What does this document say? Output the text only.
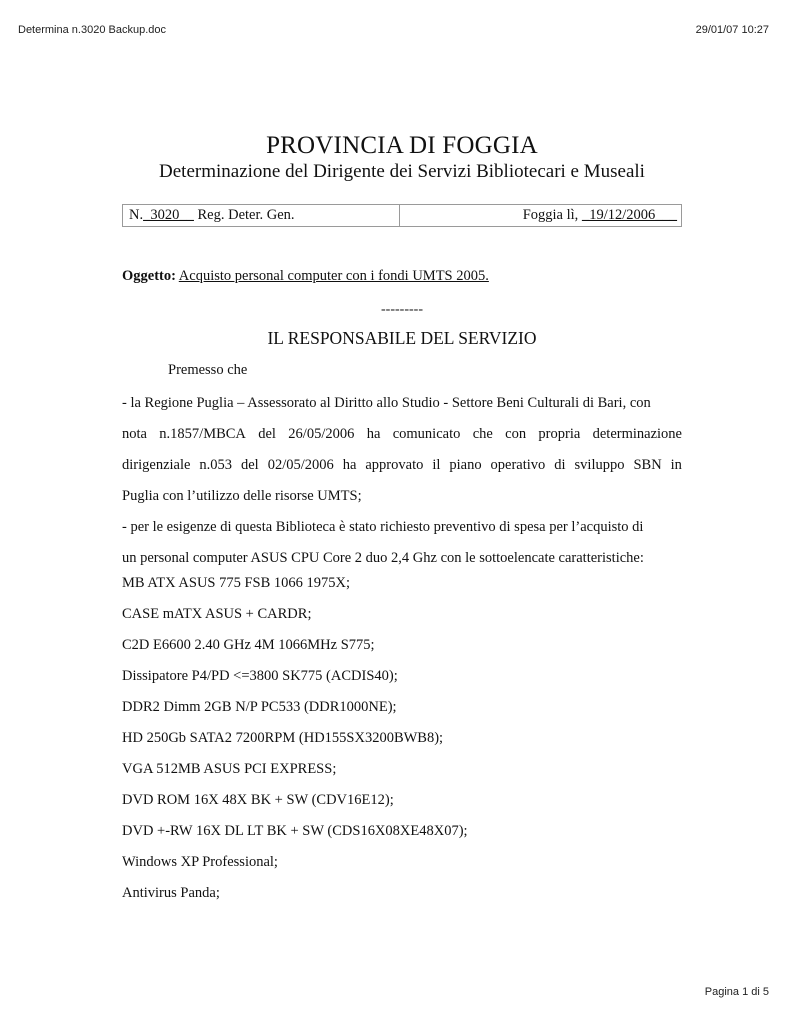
Determina n.3020 Backup.doc	29/01/07 10:27
PROVINCIA DI FOGGIA
Determinazione del Dirigente dei Servizi Bibliotecari e Museali
N._3020__ Reg. Deter. Gen.	Foggia lì, _19/12/2006___
Oggetto: Acquisto personal computer con i fondi UMTS 2005.
---------
IL RESPONSABILE DEL SERVIZIO
Premesso che
- la Regione Puglia – Assessorato al Diritto allo Studio - Settore Beni Culturali di Bari, con
nota n.1857/MBCA del 26/05/2006 ha comunicato che con propria determinazione
dirigenziale n.053 del 02/05/2006 ha approvato il piano operativo di sviluppo SBN in
Puglia con l’utilizzo delle risorse UMTS;
- per le esigenze di questa Biblioteca è stato richiesto preventivo di spesa per l’acquisto di
un personal computer ASUS CPU Core 2 duo 2,4 Ghz con le sottoelencate caratteristiche:
MB ATX ASUS 775 FSB 1066 1975X;
CASE mATX ASUS + CARDR;
C2D E6600 2.40 GHz 4M 1066MHz S775;
Dissipatore P4/PD <=3800 SK775 (ACDIS40);
DDR2 Dimm 2GB N/P PC533 (DDR1000NE);
HD 250Gb SATA2 7200RPM (HD155SX3200BWB8);
VGA 512MB ASUS PCI EXPRESS;
DVD ROM 16X 48X BK + SW (CDV16E12);
DVD +-RW 16X DL LT BK + SW (CDS16X08XE48X07);
Windows XP Professional;
Antivirus Panda;
Pagina 1 di 5
